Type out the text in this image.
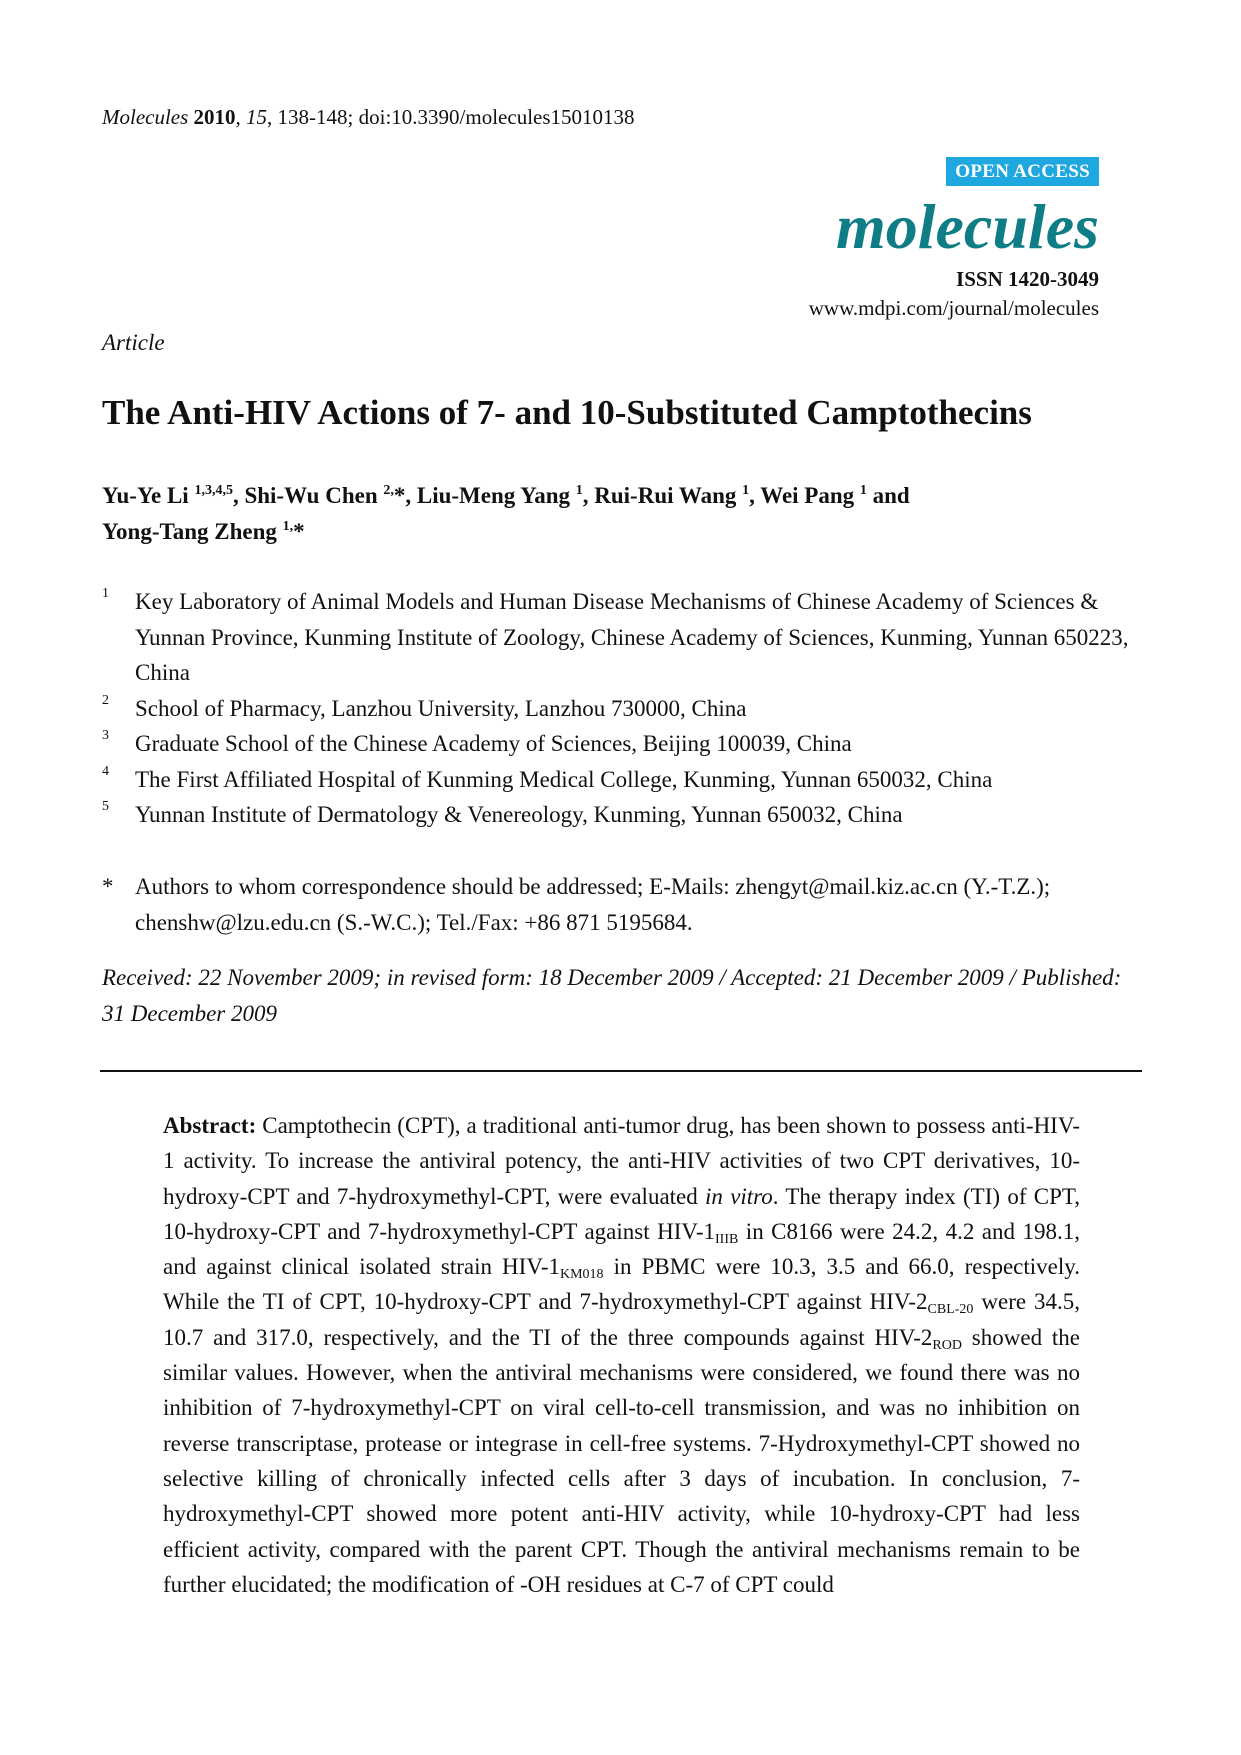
Molecules 2010, 15, 138-148; doi:10.3390/molecules15010138
OPEN ACCESS
molecules
ISSN 1420-3049
www.mdpi.com/journal/molecules
Article
The Anti-HIV Actions of 7- and 10-Substituted Camptothecins
Yu-Ye Li $^{1,3,4,5}$, Shi-Wu Chen $^{2,}$*, Liu-Meng Yang $^1$, Rui-Rui Wang $^1$, Wei Pang $^1$ and
Yong-Tang Zheng $^{1,}$*
1 Key Laboratory of Animal Models and Human Disease Mechanisms of Chinese Academy of Sciences & Yunnan Province, Kunming Institute of Zoology, Chinese Academy of Sciences, Kunming, Yunnan 650223, China
2 School of Pharmacy, Lanzhou University, Lanzhou 730000, China
3 Graduate School of the Chinese Academy of Sciences, Beijing 100039, China
4 The First Affiliated Hospital of Kunming Medical College, Kunming, Yunnan 650032, China
5 Yunnan Institute of Dermatology & Venereology, Kunming, Yunnan 650032, China
* Authors to whom correspondence should be addressed; E-Mails: zhengyt@mail.kiz.ac.cn (Y.-T.Z.); chenshw@lzu.edu.cn (S.-W.C.); Tel./Fax: +86 871 5195684.
Received: 22 November 2009; in revised form: 18 December 2009 / Accepted: 21 December 2009 / Published: 31 December 2009
Abstract: Camptothecin (CPT), a traditional anti-tumor drug, has been shown to possess anti-HIV-1 activity. To increase the antiviral potency, the anti-HIV activities of two CPT derivatives, 10-hydroxy-CPT and 7-hydroxymethyl-CPT, were evaluated in vitro. The therapy index (TI) of CPT, 10-hydroxy-CPT and 7-hydroxymethyl-CPT against HIV-$1_{IIIB}$ in C8166 were 24.2, 4.2 and 198.1, and against clinical isolated strain HIV-$1_{KM018}$ in PBMC were 10.3, 3.5 and 66.0, respectively. While the TI of CPT, 10-hydroxy-CPT and 7-hydroxymethyl-CPT against HIV-$2_{CBL-20}$ were 34.5, 10.7 and 317.0, respectively, and the TI of the three compounds against HIV-$2_{ROD}$ showed the similar values. However, when the antiviral mechanisms were considered, we found there was no inhibition of 7-hydroxymethyl-CPT on viral cell-to-cell transmission, and was no inhibition on reverse transcriptase, protease or integrase in cell-free systems. 7-Hydroxymethyl-CPT showed no selective killing of chronically infected cells after 3 days of incubation. In conclusion, 7-hydroxymethyl-CPT showed more potent anti-HIV activity, while 10-hydroxy-CPT had less efficient activity, compared with the parent CPT. Though the antiviral mechanisms remain to be further elucidated; the modification of -OH residues at C-7 of CPT could
